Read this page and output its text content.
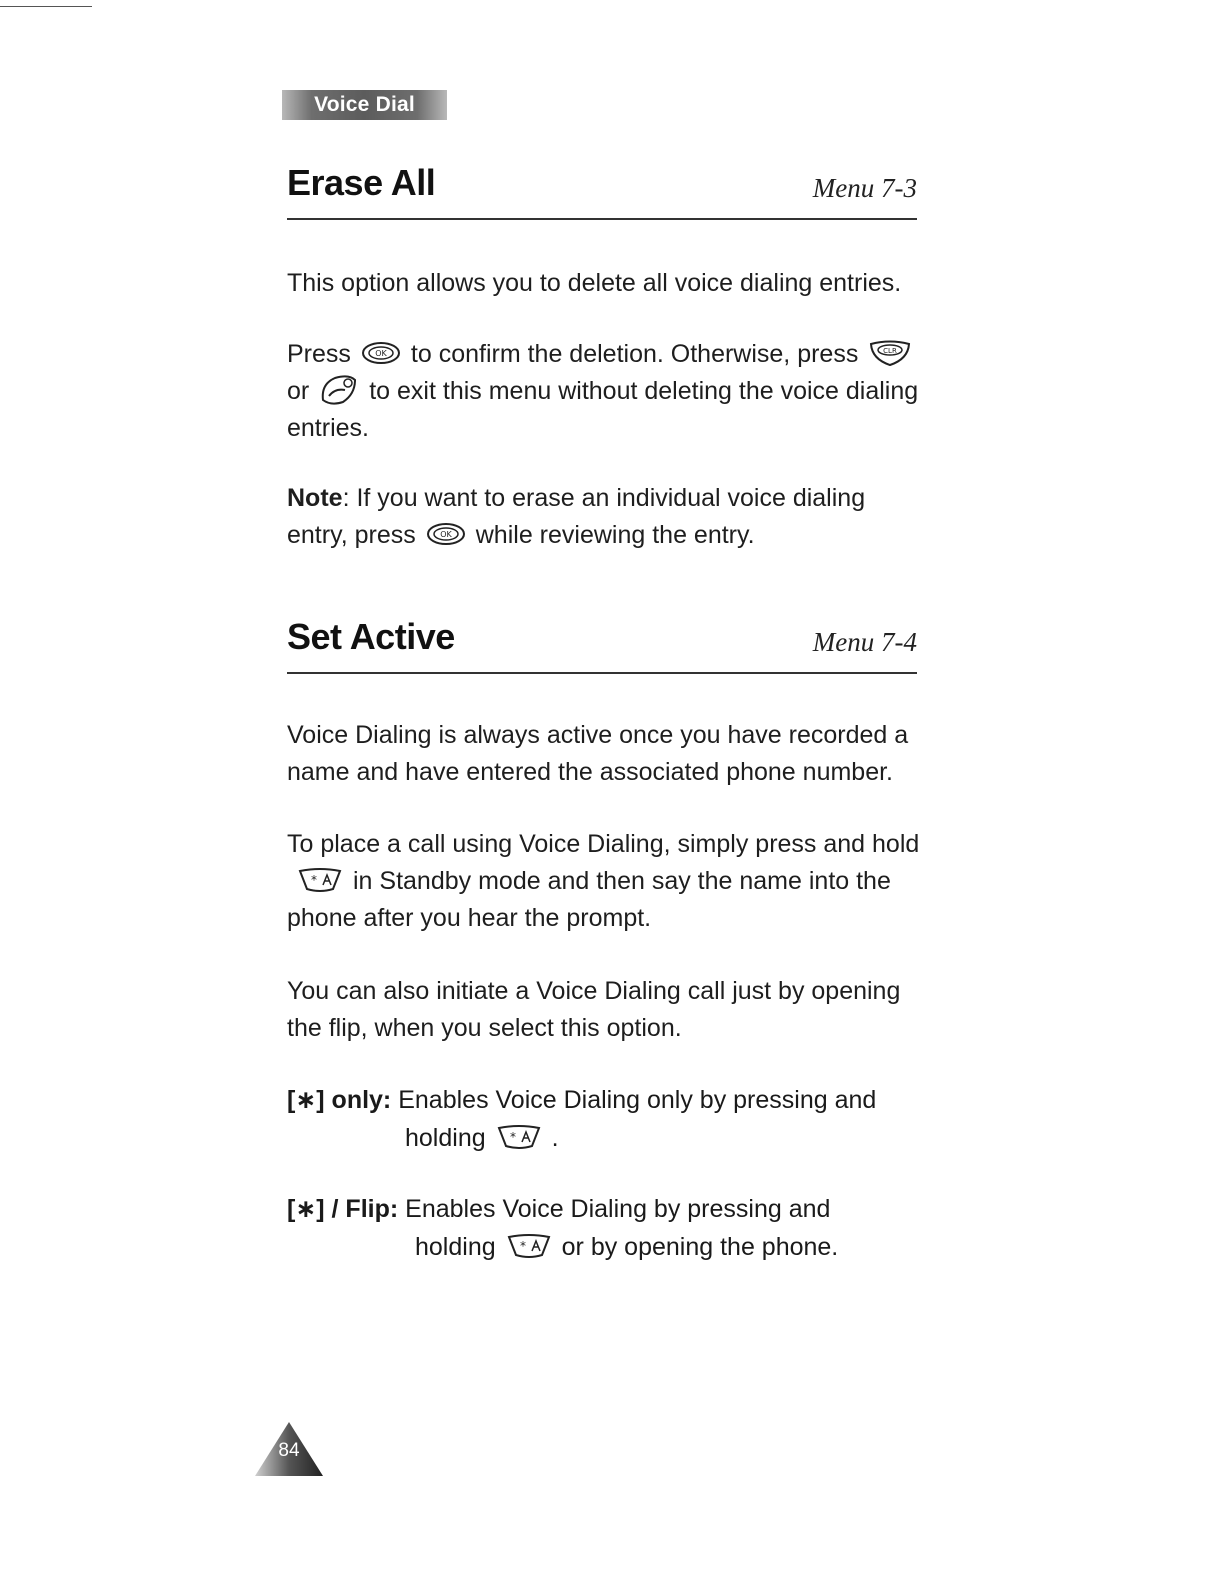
Voice Dial
Erase All	Menu 7-3
This option allows you to delete all voice dialing entries.
Press	OK to confirm the deletion. Otherwise, press	CLR

or to exit this menu without deleting the voice dialing entries.
Note: If you want to erase an individual voice dialing entry, press	OK while reviewing the entry.
Set Active	Menu 7-4
Voice Dialing is always active once you have recorded a name and have entered the associated phone number.
To place a call using Voice Dialing, simply press and hold
* in Standby mode and then say the name into the phone after you hear the prompt.
You can also initiate a Voice Dialing call just by opening the flip, when you select this option.
[∗] only: Enables Voice Dialing only by pressing and
holding * .
[∗] / Flip: Enables Voice Dialing by pressing and
holding * or by opening the phone.
84
